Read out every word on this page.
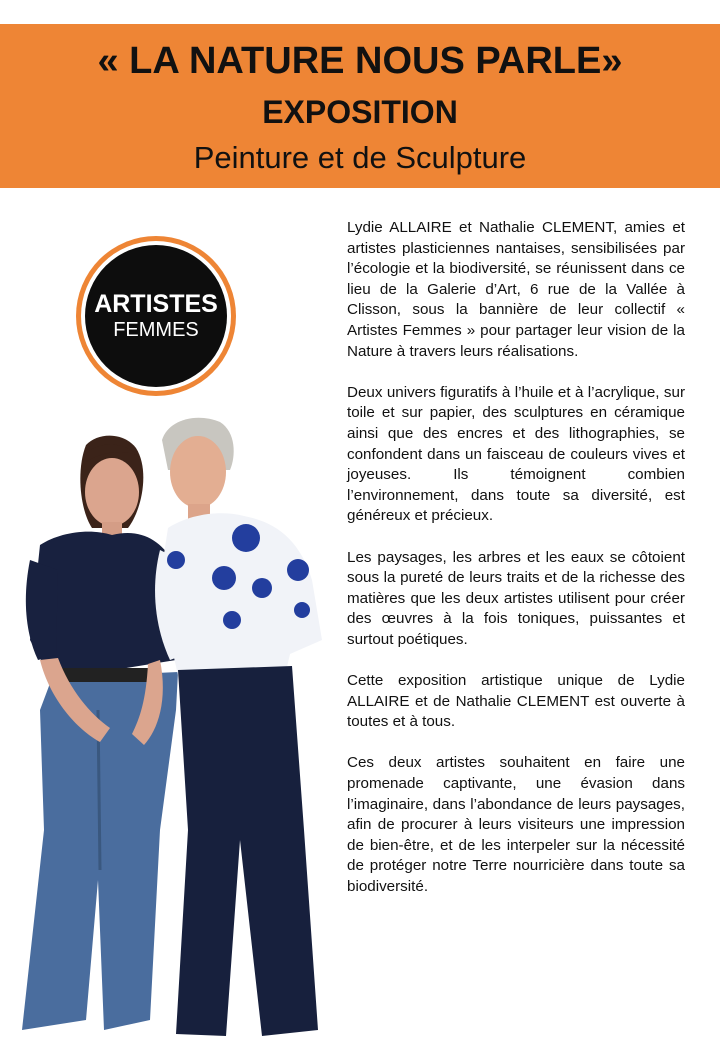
« LA NATURE NOUS PARLE»
EXPOSITION
Peinture et de Sculpture
ARTISTES
FEMMES

Lydie ALLAIRE et Nathalie CLEMENT, amies et artistes plasticiennes nantaises, sensibilisées par l’écologie et la biodiversité, se réunissent dans ce lieu de la Galerie d’Art, 6 rue de la Vallée à Clisson, sous la bannière de leur collectif « Artistes Femmes » pour partager leur vision de la Nature à travers leurs réalisations.

Deux univers figuratifs à l’huile et à l’acrylique, sur toile et sur papier, des sculptures en céramique ainsi que des encres et des lithographies, se confondent dans un faisceau de couleurs vives et joyeuses. Ils témoignent combien l’environnement, dans toute sa diversité, est généreux et précieux.

Les paysages, les arbres et les eaux se côtoient sous la pureté de leurs traits et de la richesse des matières que les deux artistes utilisent pour créer des œuvres à la fois toniques, puissantes et surtout poétiques.

Cette exposition artistique unique de Lydie ALLAIRE et de Nathalie CLEMENT est ouverte à toutes et à tous.

Ces deux artistes souhaitent en faire une promenade captivante, une évasion dans l’imaginaire, dans l’abondance de leurs paysages, afin de procurer à leurs visiteurs une impression de bien-être, et de les interpeler sur la nécessité de protéger notre Terre nourricière dans toute sa biodiversité.
